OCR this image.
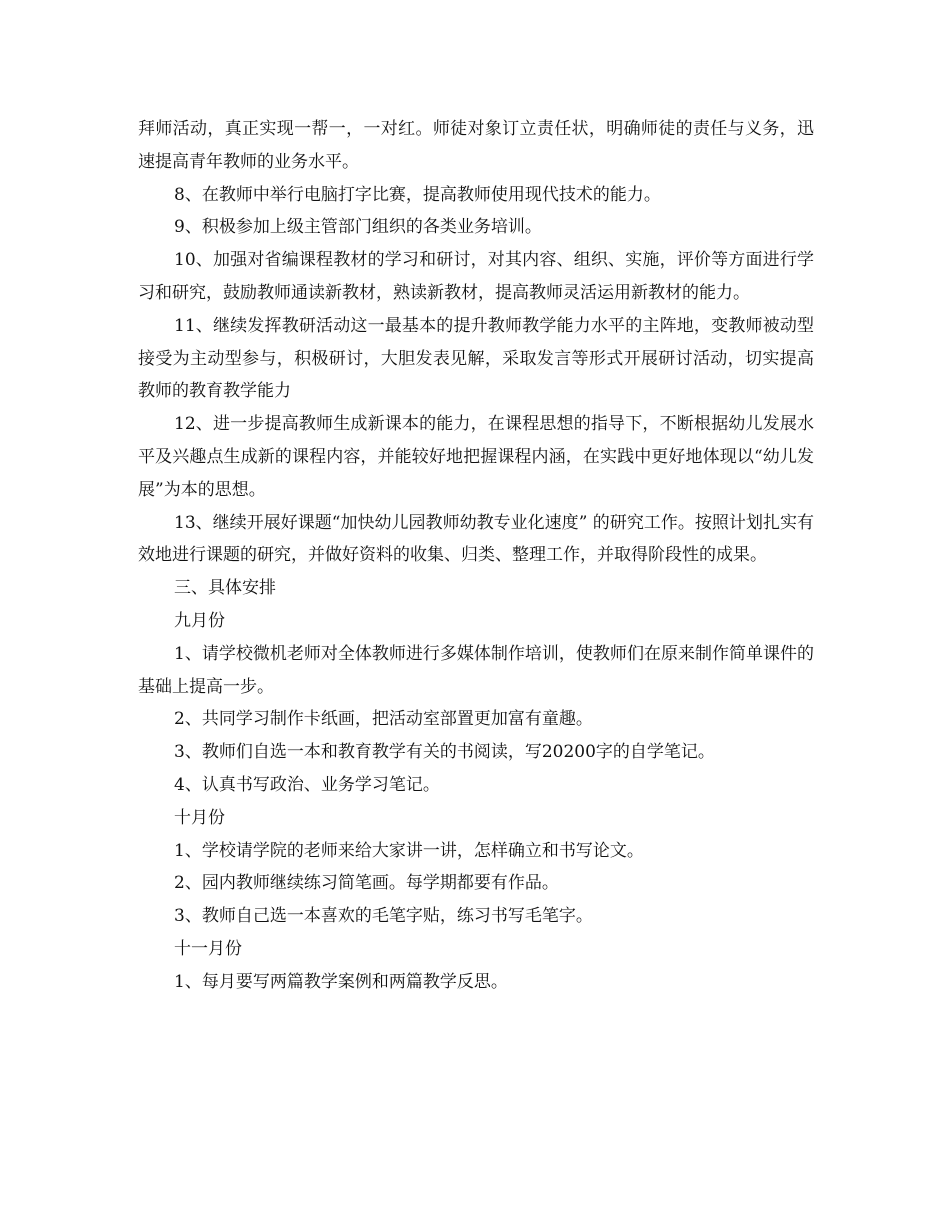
拜师活动，真正实现一帮一，一对红。师徒对象订立责任状，明确师徒的责任与义务，迅速提高青年教师的业务水平。

8、在教师中举行电脑打字比赛，提高教师使用现代技术的能力。

9、积极参加上级主管部门组织的各类业务培训。

10、加强对省编课程教材的学习和研讨，对其内容、组织、实施，评价等方面进行学习和研究，鼓励教师通读新教材，熟读新教材，提高教师灵活运用新教材的能力。

11、继续发挥教研活动这一最基本的提升教师教学能力水平的主阵地，变教师被动型接受为主动型参与，积极研讨，大胆发表见解，采取发言等形式开展研讨活动，切实提高教师的教育教学能力

12、进一步提高教师生成新课本的能力，在课程思想的指导下，不断根据幼儿发展水平及兴趣点生成新的课程内容，并能较好地把握课程内涵，在实践中更好地体现以“幼儿发展”为本的思想。

13、继续开展好课题“加快幼儿园教师幼教专业化速度” 的研究工作。按照计划扎实有效地进行课题的研究，并做好资料的收集、归类、整理工作，并取得阶段性的成果。

三、具体安排

九月份

1、请学校微机老师对全体教师进行多媒体制作培训，使教师们在原来制作简单课件的基础上提高一步。

2、共同学习制作卡纸画，把活动室部置更加富有童趣。

3、教师们自选一本和教育教学有关的书阅读，写20200字的自学笔记。

4、认真书写政治、业务学习笔记。

十月份

1、学校请学院的老师来给大家讲一讲，怎样确立和书写论文。

2、园内教师继续练习简笔画。每学期都要有作品。

3、教师自己选一本喜欢的毛笔字贴，练习书写毛笔字。

十一月份

1、每月要写两篇教学案例和两篇教学反思。
